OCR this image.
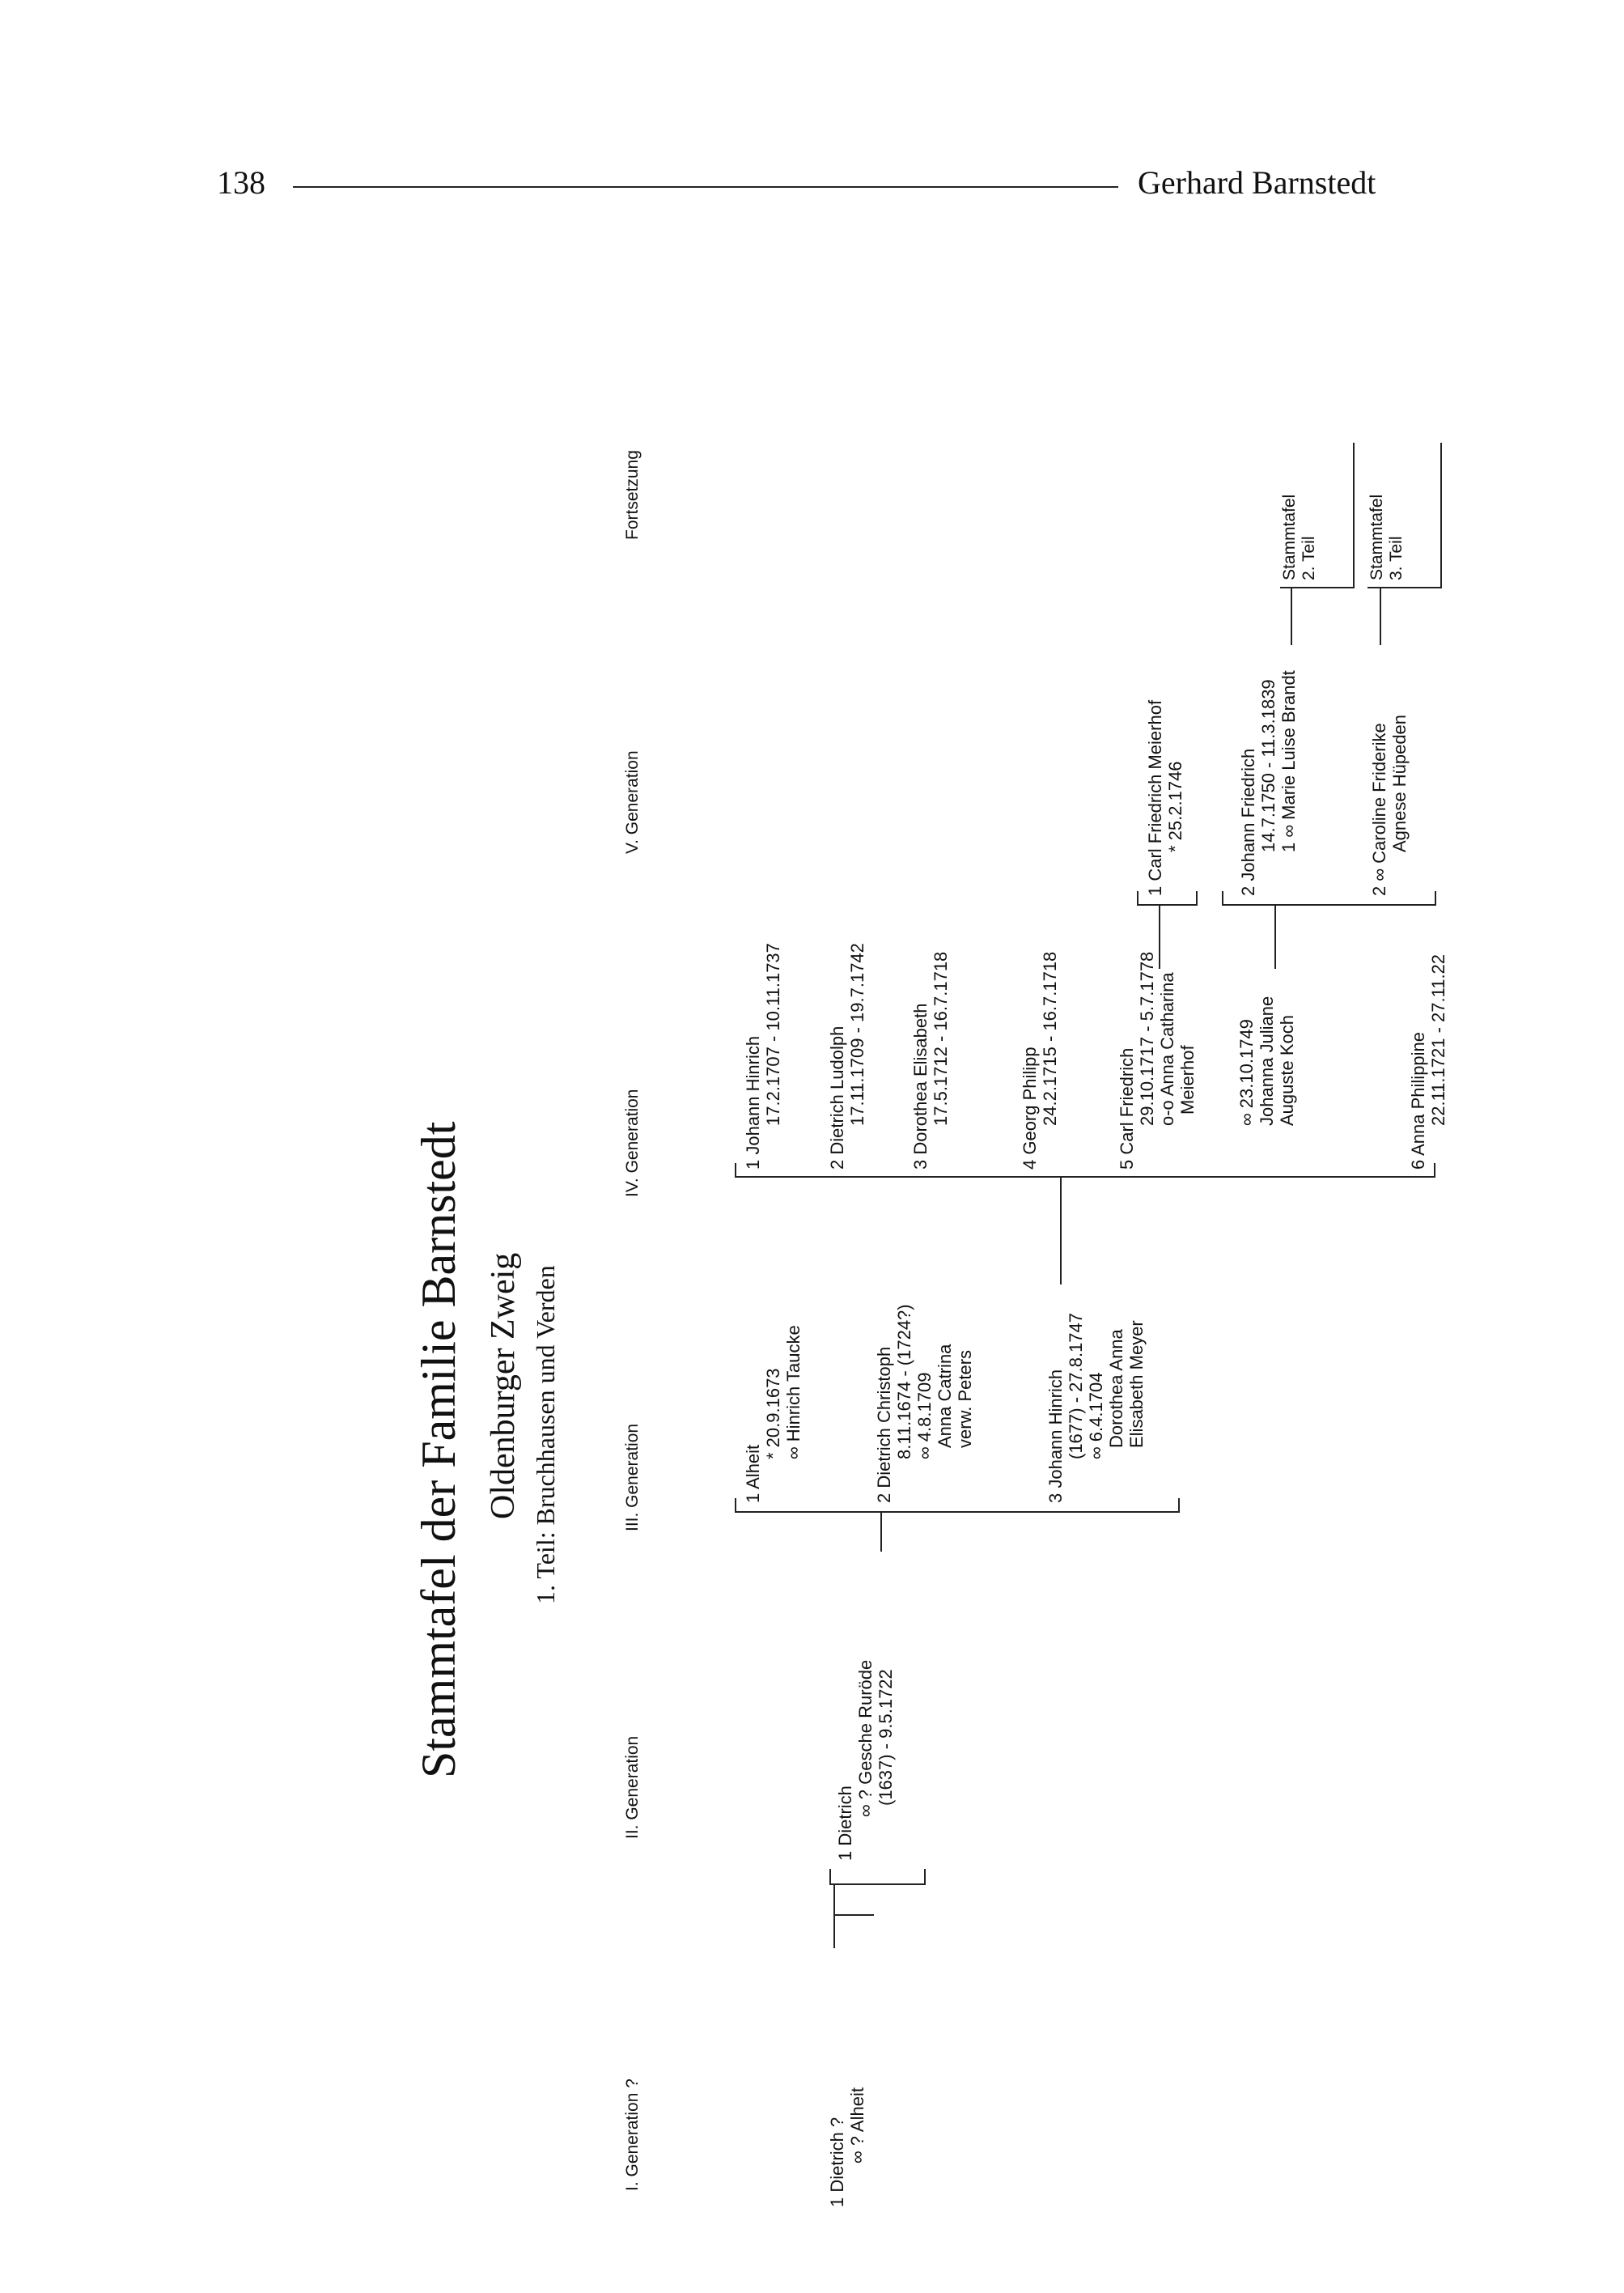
138	Gerhard Barnstedt
Stammtafel der Familie Barnstedt Oldenburger Zweig 1. Teil: Bruchhausen und Verden
I. Generation ?
II. Generation
III. Generation
IV. Generation
V. Generation
Fortsetzung
1 Dietrich ? ∞ ? Alheit
1 Dietrich
∞ ? Gesche Ruröde (1637) - 9.5.1722
1 Alheit
* 20.9.1673 ∞ Hinrich Taucke	2 Dietrich Christoph 8.11.1674 - (1724?) ∞ 4.8.1709 Anna Catrina verw. Peters	3 Johann Hinrich (1677) - 27.8.1747 ∞ 6.4.1704 Dorothea Anna Elisabeth Meyer
1 Johann Hinrich 17.2.1707 - 10.11.1737 2 Dietrich Ludolph 17.11.1709 - 19.7.1742 3 Dorothea Elisabeth 17.5.1712 - 16.7.1718	4 Georg Philipp 24.2.1715 - 16.7.1718	5 Carl Friedrich 29.10.1717 - 5.7.1778 o-o Anna Catharina Meierhof ∞ 23.10.1749 Johanna Juliane Auguste Koch	6 Anna Philippine 22.11.1721 - 27.11.22
1 Carl Friedrich Meierhof * 25.2.1746	2 Johann Friedrich 14.7.1750 - 11.3.1839 1 ∞ Marie Luise Brandt	2 ∞ Caroline Friderike Agnese Hüpeden
Stammtafel 2. Teil	Stammtafel 3. Teil
